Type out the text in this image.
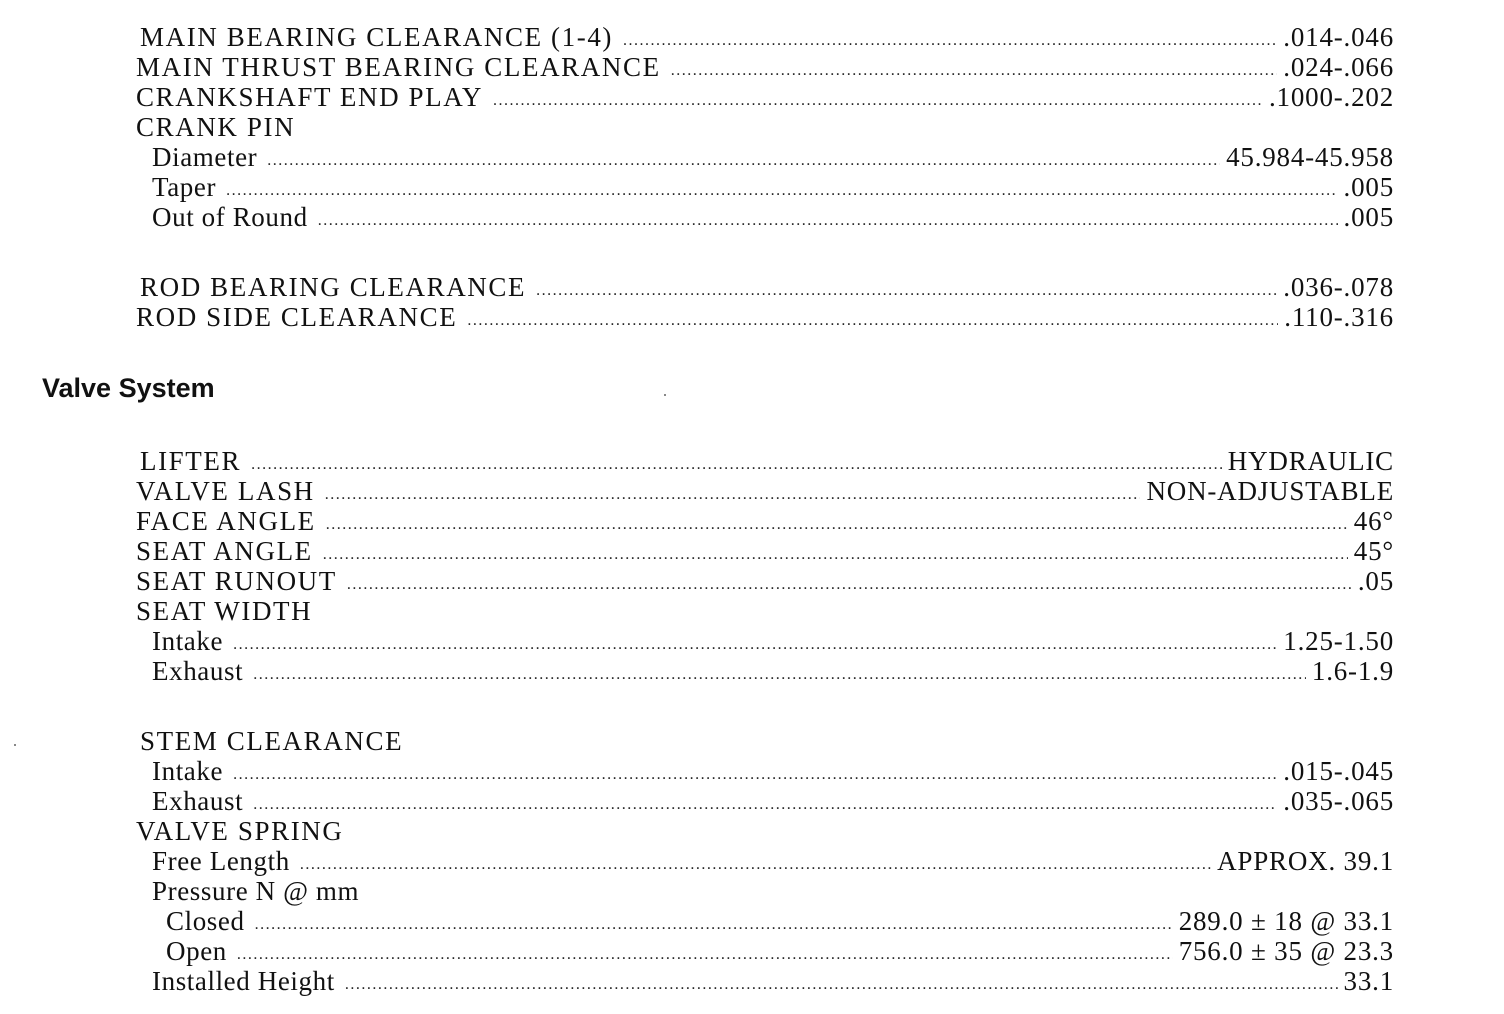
MAIN BEARING CLEARANCE (1-4) .....	.014-.046
MAIN THRUST BEARING CLEARANCE .....	.024-.066
CRANKSHAFT END PLAY .....	.1000-.202
CRANK PIN
Diameter .....	45.984-45.958
Taper .....	.005
Out of Round .....	.005
ROD BEARING CLEARANCE .....	.036-.078
ROD SIDE CLEARANCE .....	.110-.316
Valve System
LIFTER .....	HYDRAULIC
VALVE LASH .....	NON-ADJUSTABLE
FACE ANGLE .....	46°
SEAT ANGLE .....	45°
SEAT RUNOUT .....	.05
SEAT WIDTH
Intake .....	1.25-1.50
Exhaust .....	1.6-1.9
STEM CLEARANCE
Intake .....	.015-.045
Exhaust .....	.035-.065
VALVE SPRING
Free Length .....	APPROX. 39.1
Pressure N @ mm
Closed .....	289.0 ± 18 @ 33.1
Open .....	756.0 ± 35 @ 23.3
Installed Height .....	33.1
